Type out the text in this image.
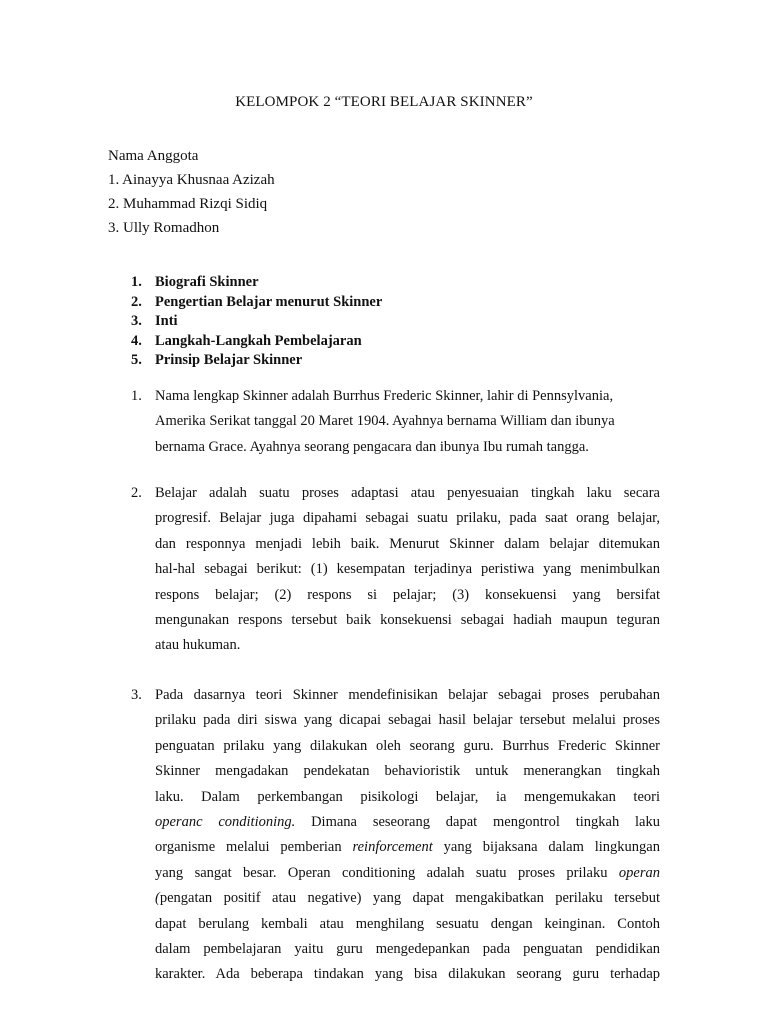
KELOMPOK 2 “TEORI BELAJAR SKINNER”
Nama Anggota
1. Ainayya Khusnaa Azizah
2. Muhammad Rizqi Sidiq
3. Ully Romadhon
1. Biografi Skinner
2. Pengertian Belajar menurut Skinner
3. Inti
4. Langkah-Langkah Pembelajaran
5. Prinsip Belajar Skinner
1. Nama lengkap Skinner adalah Burrhus Frederic Skinner, lahir di Pennsylvania,
Amerika Serikat tanggal 20 Maret 1904. Ayahnya bernama William dan ibunya
bernama Grace. Ayahnya seorang pengacara dan ibunya Ibu rumah tangga.
2. Belajar adalah suatu proses adaptasi atau penyesuaian tingkah laku secara
progresif. Belajar juga dipahami sebagai suatu prilaku, pada saat orang belajar,
dan responnya menjadi lebih baik. Menurut Skinner dalam belajar ditemukan
hal-hal sebagai berikut: (1) kesempatan terjadinya peristiwa yang menimbulkan
respons belajar; (2) respons si pelajar; (3) konsekuensi yang bersifat
mengunakan respons tersebut baik konsekuensi sebagai hadiah maupun teguran
atau hukuman.
3. Pada dasarnya teori Skinner mendefinisikan belajar sebagai proses perubahan
prilaku pada diri siswa yang dicapai sebagai hasil belajar tersebut melalui proses
penguatan prilaku yang dilakukan oleh seorang guru. Burrhus Frederic Skinner
Skinner mengadakan pendekatan behavioristik untuk menerangkan tingkah
laku. Dalam perkembangan pisikologi belajar, ia mengemukakan teori
operanc conditioning. Dimana seseorang dapat mengontrol tingkah laku
organisme melalui pemberian reinforcement yang bijaksana dalam lingkungan
yang sangat besar. Operan conditioning adalah suatu proses prilaku operan
(pengatan positif atau negative) yang dapat mengakibatkan perilaku tersebut
dapat berulang kembali atau menghilang sesuatu dengan keinginan. Contoh
dalam pembelajaran yaitu guru mengedepankan pada penguatan pendidikan
karakter. Ada beberapa tindakan yang bisa dilakukan seorang guru terhadap
